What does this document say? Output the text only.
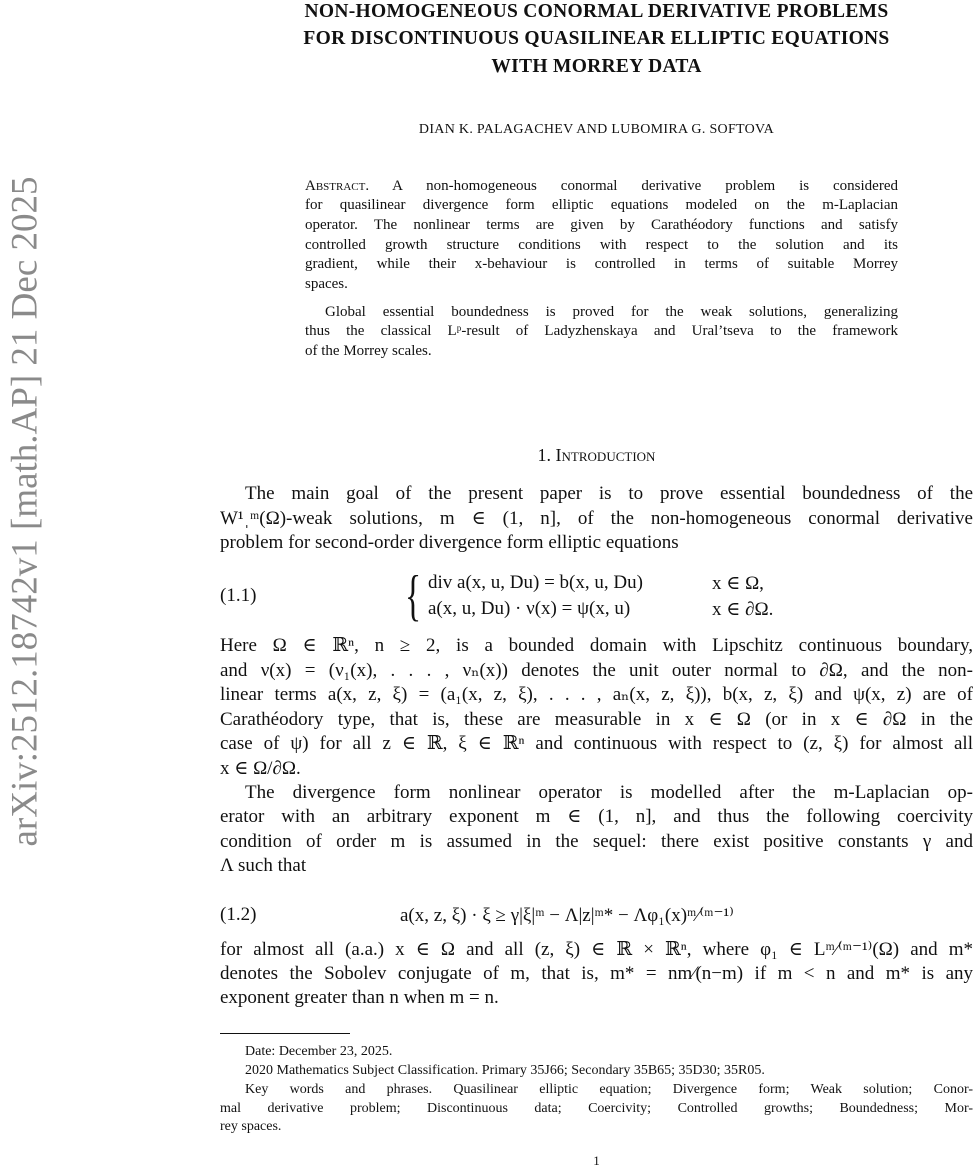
arXiv:2512.18742v1 [math.AP] 21 Dec 2025
NON-HOMOGENEOUS CONORMAL DERIVATIVE PROBLEMS
FOR DISCONTINUOUS QUASILINEAR ELLIPTIC EQUATIONS
WITH MORREY DATA
DIAN K. PALAGACHEV AND LUBOMIRA G. SOFTOVA
Abstract. A non-homogeneous conormal derivative problem is considered
for quasilinear divergence form elliptic equations modeled on the m-Laplacian
operator. The nonlinear terms are given by Carathéodory functions and satisfy
controlled growth structure conditions with respect to the solution and its
gradient, while their x-behaviour is controlled in terms of suitable Morrey
spaces.
Global essential boundedness is proved for the weak solutions, generalizing
thus the classical Lᵖ-result of Ladyzhenskaya and Ural’tseva to the framework
of the Morrey scales.
1. Introduction
The main goal of the present paper is to prove essential boundedness of the
W¹ˌᵐ(Ω)-weak solutions, m ∈ (1, n], of the non-homogeneous conormal derivative
problem for second-order divergence form elliptic equations
(1.1)	{ div a(x, u, Du) = b(x, u, Du)	x ∈ Ω,
a(x, u, Du) · ν(x) = ψ(x, u)	x ∈ ∂Ω.
Here Ω ∈ ℝⁿ, n ≥ 2, is a bounded domain with Lipschitz continuous boundary,
and ν(x) = (ν₁(x), . . . , νₙ(x)) denotes the unit outer normal to ∂Ω, and the non-
linear terms a(x, z, ξ) = (a₁(x, z, ξ), . . . , aₙ(x, z, ξ)), b(x, z, ξ) and ψ(x, z) are of
Carathéodory type, that is, these are measurable in x ∈ Ω (or in x ∈ ∂Ω in the
case of ψ) for all z ∈ ℝ, ξ ∈ ℝⁿ and continuous with respect to (z, ξ) for almost all
x ∈ Ω/∂Ω.
The divergence form nonlinear operator is modelled after the m-Laplacian op-
erator with an arbitrary exponent m ∈ (1, n], and thus the following coercivity
condition of order m is assumed in the sequel: there exist positive constants γ and
Λ such that
(1.2)	a(x, z, ξ) · ξ ≥ γ|ξ|ᵐ − Λ|z|ᵐ* − Λφ₁(x)ᵐ⁄⁽ᵐ⁻¹⁾
for almost all (a.a.) x ∈ Ω and all (z, ξ) ∈ ℝ × ℝⁿ, where φ₁ ∈ Lᵐ⁄⁽ᵐ⁻¹⁾(Ω) and m*
denotes the Sobolev conjugate of m, that is, m* = nm⁄(n−m) if m < n and m* is any
exponent greater than n when m = n.
Date: December 23, 2025.
2020 Mathematics Subject Classification. Primary 35J66; Secondary 35B65; 35D30; 35R05.
Key words and phrases. Quasilinear elliptic equation; Divergence form; Weak solution; Conor-
mal derivative problem; Discontinuous data; Coercivity; Controlled growths; Boundedness; Mor-
rey spaces.
1
